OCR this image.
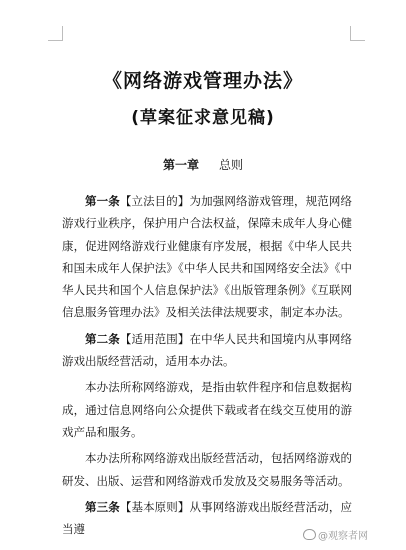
《网络游戏管理办法》
(草案征求意见稿)
第一章 总则

第一条【立法目的】为加强网络游戏管理，规范网络游戏行业秩序，保护用户合法权益，保障未成年人身心健康，促进网络游戏行业健康有序发展，根据《中华人民共和国未成年人保护法》《中华人民共和国网络安全法》《中华人民共和国个人信息保护法》《出版管理条例》《互联网信息服务管理办法》及相关法律法规要求，制定本办法。

第二条【适用范围】在中华人民共和国境内从事网络游戏出版经营活动，适用本办法。

本办法所称网络游戏，是指由软件程序和信息数据构成，通过信息网络向公众提供下载或者在线交互使用的游戏产品和服务。

本办法所称网络游戏出版经营活动，包括网络游戏的研发、出版、运营和网络游戏币发放及交易服务等活动。

第三条【基本原则】从事网络游戏出版经营活动，应当遵

@观察者网
